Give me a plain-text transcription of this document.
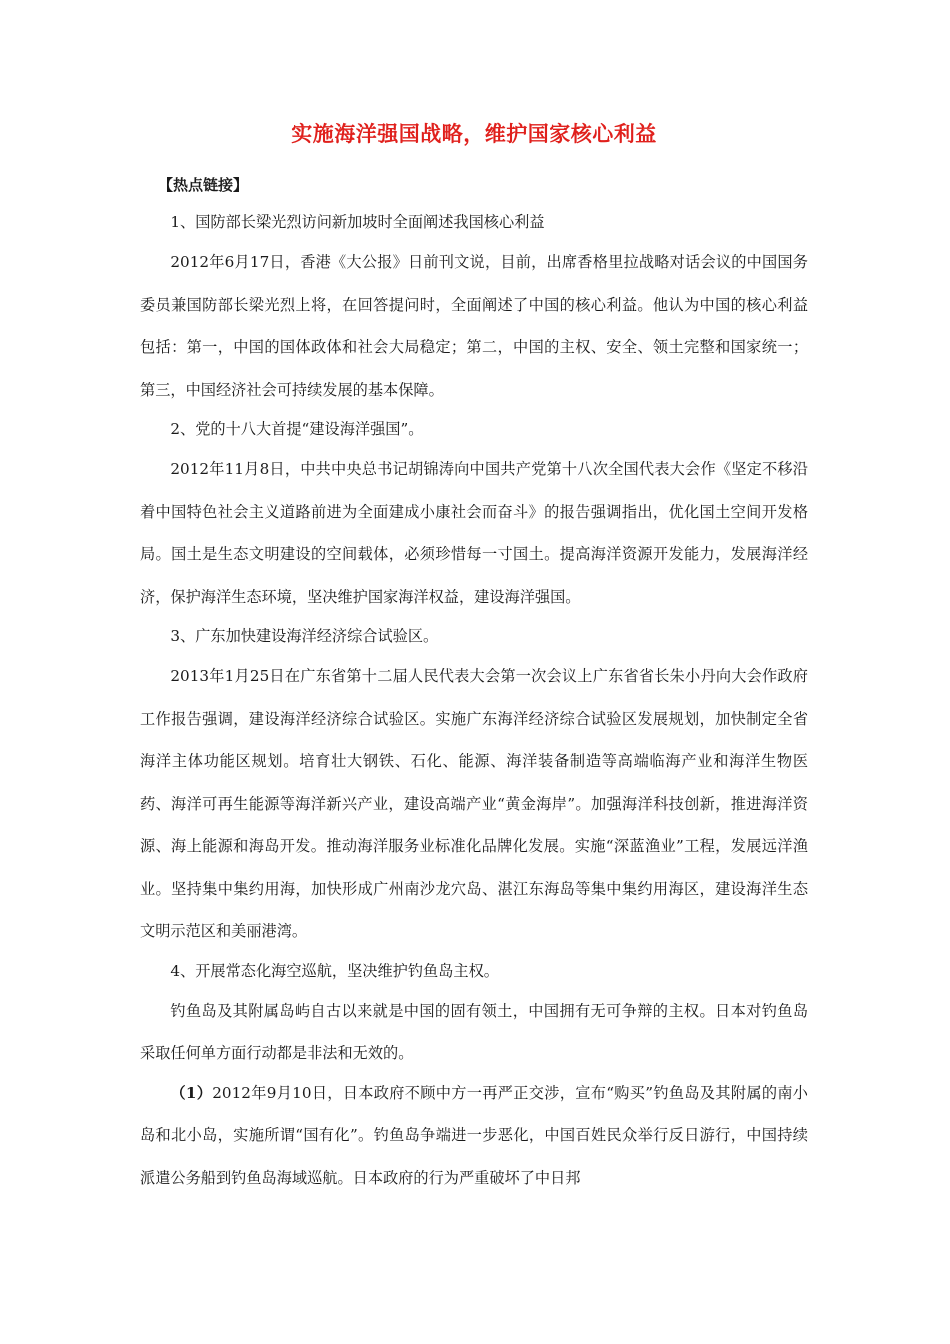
实施海洋强国战略，维护国家核心利益
【热点链接】

1、国防部长梁光烈访问新加坡时全面阐述我国核心利益

2012年6月17日，香港《大公报》日前刊文说，目前，出席香格里拉战略对话会议的中国国务委员兼国防部长梁光烈上将，在回答提问时，全面阐述了中国的核心利益。他认为中国的核心利益包括：第一，中国的国体政体和社会大局稳定；第二，中国的主权、安全、领土完整和国家统一；第三，中国经济社会可持续发展的基本保障。

2、党的十八大首提“建设海洋强国”。

2012年11月8日，中共中央总书记胡锦涛向中国共产党第十八次全国代表大会作《坚定不移沿着中国特色社会主义道路前进为全面建成小康社会而奋斗》的报告强调指出，优化国土空间开发格局。国土是生态文明建设的空间载体，必须珍惜每一寸国土。提高海洋资源开发能力，发展海洋经济，保护海洋生态环境，坚决维护国家海洋权益，建设海洋强国。

3、广东加快建设海洋经济综合试验区。

2013年1月25日在广东省第十二届人民代表大会第一次会议上广东省省长朱小丹向大会作政府工作报告强调，建设海洋经济综合试验区。实施广东海洋经济综合试验区发展规划，加快制定全省海洋主体功能区规划。培育壮大钢铁、石化、能源、海洋装备制造等高端临海产业和海洋生物医药、海洋可再生能源等海洋新兴产业，建设高端产业“黄金海岸”。加强海洋科技创新，推进海洋资源、海上能源和海岛开发。推动海洋服务业标准化品牌化发展。实施“深蓝渔业”工程，发展远洋渔业。坚持集中集约用海，加快形成广州南沙龙穴岛、湛江东海岛等集中集约用海区，建设海洋生态文明示范区和美丽港湾。

4、开展常态化海空巡航，坚决维护钓鱼岛主权。

钓鱼岛及其附属岛屿自古以来就是中国的固有领土，中国拥有无可争辩的主权。日本对钓鱼岛采取任何单方面行动都是非法和无效的。

（1）2012年9月10日，日本政府不顾中方一再严正交涉，宣布“购买”钓鱼岛及其附属的南小岛和北小岛，实施所谓“国有化”。钓鱼岛争端进一步恶化，中国百姓民众举行反日游行，中国持续派遣公务船到钓鱼岛海域巡航。日本政府的行为严重破坏了中日邦
